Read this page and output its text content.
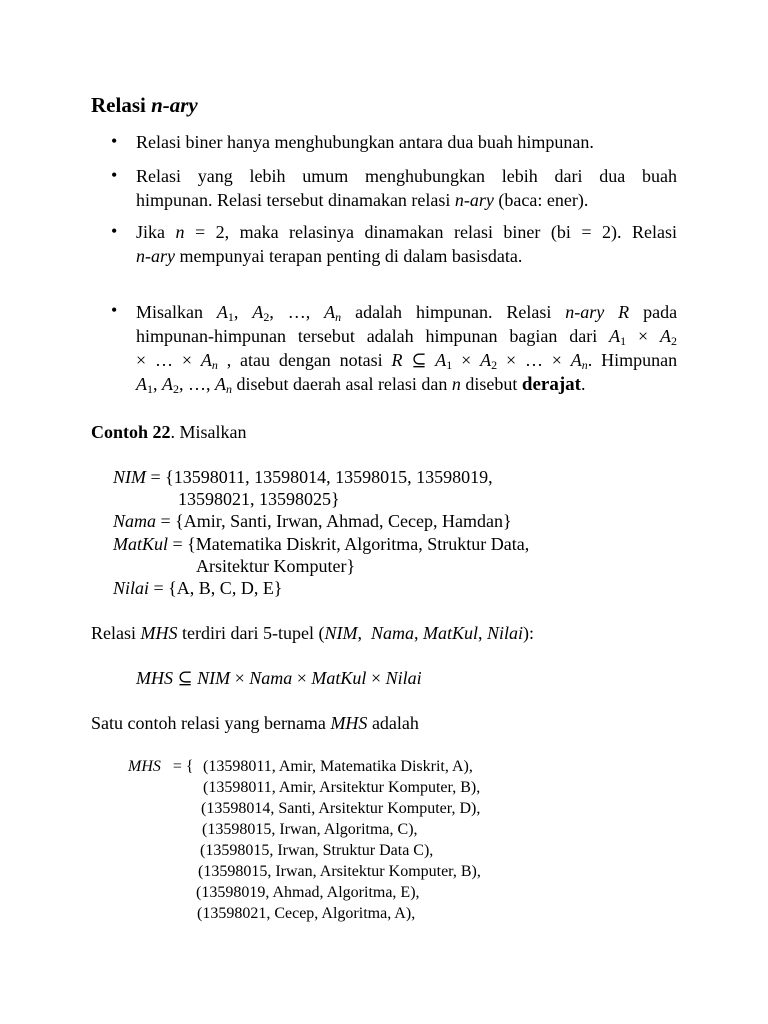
Relasi n-ary
• Relasi biner hanya menghubungkan antara dua buah himpunan.
• Relasi yang lebih umum menghubungkan lebih dari dua buah
himpunan. Relasi tersebut dinamakan relasi n-ary (baca: ener).
• Jika n = 2, maka relasinya dinamakan relasi biner (bi = 2). Relasi
n-ary mempunyai terapan penting di dalam basisdata.
• Misalkan $A_1$, $A_2$, …, $A_n$ adalah himpunan. Relasi n-ary R pada
himpunan-himpunan tersebut adalah himpunan bagian dari $A_1 \times A_2$
× … × $A_n$ , atau dengan notasi R ⊆ $A_1 \times A_2$ × … × $A_n$. Himpunan
$A_1$, $A_2$, …, $A_n$ disebut daerah asal relasi dan n disebut derajat.
Contoh 22. Misalkan
NIM = {13598011, 13598014, 13598015, 13598019,
13598021, 13598025}
Nama = {Amir, Santi, Irwan, Ahmad, Cecep, Hamdan}
MatKul = {Matematika Diskrit, Algoritma, Struktur Data,
Arsitektur Komputer}
Nilai = {A, B, C, D, E}
Relasi MHS terdiri dari 5-tupel (NIM, Nama, MatKul, Nilai):
MHS ⊆ NIM × Nama × MatKul × Nilai
Satu contoh relasi yang bernama MHS adalah
MHS   = { (13598011, Amir, Matematika Diskrit, A),
(13598011, Amir, Arsitektur Komputer, B),
(13598014, Santi, Arsitektur Komputer, D),
(13598015, Irwan, Algoritma, C),
(13598015, Irwan, Struktur Data C),
(13598015, Irwan, Arsitektur Komputer, B),
(13598019, Ahmad, Algoritma, E),
(13598021, Cecep, Algoritma, A),
